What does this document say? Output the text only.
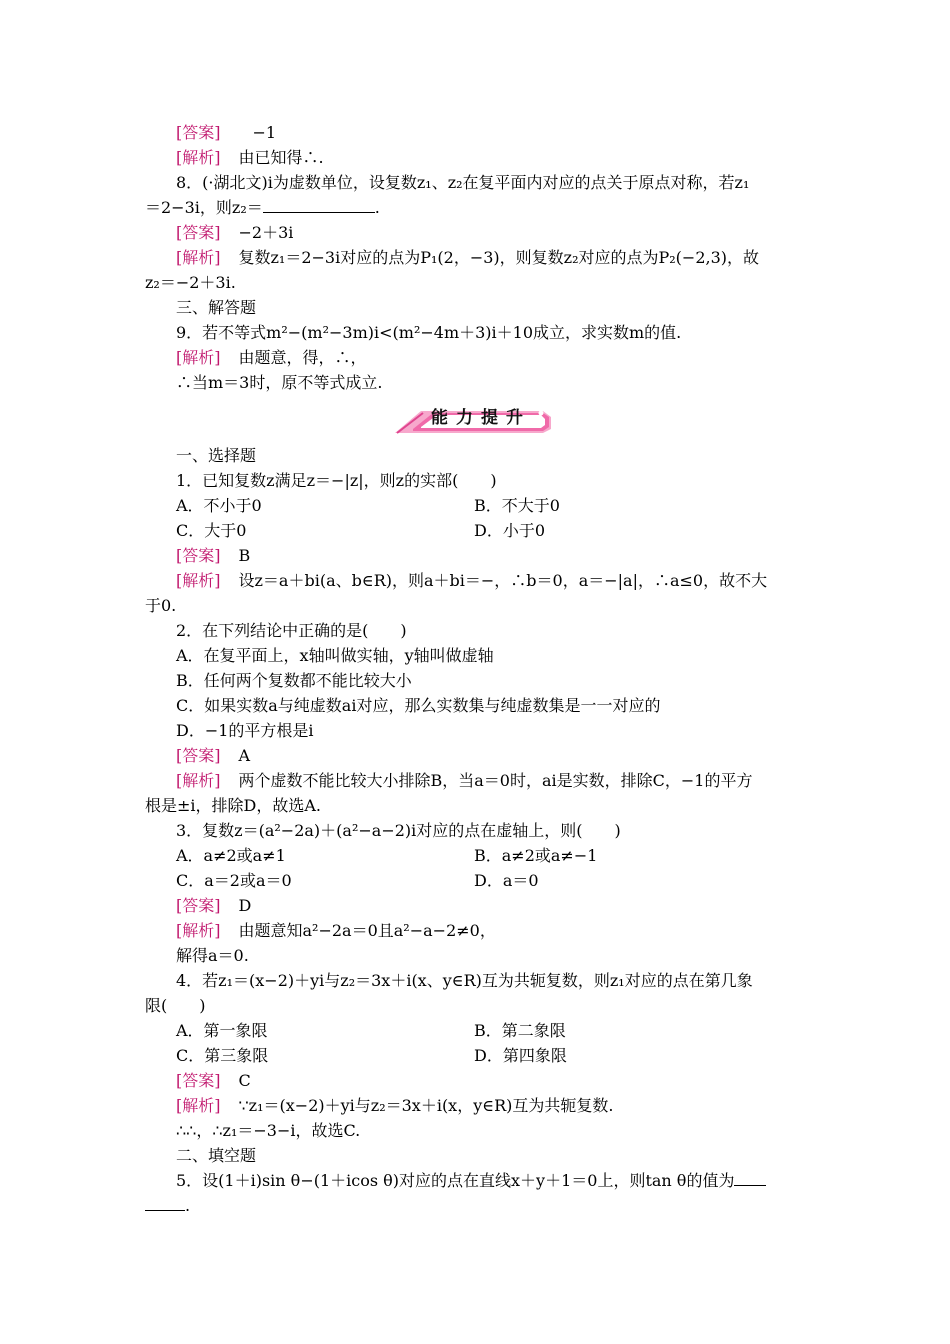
[答案] −1
[解析] 由已知得∴.
8．(·湖北文)i为虚数单位，设复数z₁、z₂在复平面内对应的点关于原点对称，若z₁
＝2−3i，则z₂＝	.
[答案] −2＋3i
[解析] 复数z₁＝2−3i对应的点为P₁(2，−3)，则复数z₂对应的点为P₂(−2,3)，故
z₂＝−2＋3i.
三、解答题
9．若不等式m²−(m²−3m)i<(m²−4m＋3)i＋10成立，求实数m的值.
[解析] 由题意，得，∴，
∴当m＝3时，原不等式成立.
能力提升
一、选择题
1．已知复数z满足z＝−|z|，则z的实部(　　)
A．不小于0	B．不大于0
C．大于0	D．小于0
[答案] B
[解析] 设z＝a＋bi(a、b∈R)，则a＋bi＝−，∴b＝0，a＝−|a|，∴a≤0，故不大
于0.
2．在下列结论中正确的是(　　)
A．在复平面上，x轴叫做实轴，y轴叫做虚轴
B．任何两个复数都不能比较大小
C．如果实数a与纯虚数ai对应，那么实数集与纯虚数集是一一对应的
D．−1的平方根是i
[答案] A
[解析] 两个虚数不能比较大小排除B，当a＝0时，ai是实数，排除C，−1的平方
根是±i，排除D，故选A.
3．复数z＝(a²−2a)＋(a²−a−2)i对应的点在虚轴上，则(　　)
A．a≠2或a≠1	B．a≠2或a≠−1
C．a＝2或a＝0	D．a＝0
[答案] D
[解析] 由题意知a²−2a＝0且a²−a−2≠0，
解得a＝0.
4．若z₁＝(x−2)＋yi与z₂＝3x＋i(x、y∈R)互为共轭复数，则z₁对应的点在第几象
限(　　)
A．第一象限	B．第二象限
C．第三象限	D．第四象限
[答案] C
[解析] ∵z₁＝(x−2)＋yi与z₂＝3x＋i(x，y∈R)互为共轭复数.
∴∴，∴z₁＝−3−i，故选C.
二、填空题
5．设(1＋i)sin θ−(1＋icos θ)对应的点在直线x＋y＋1＝0上，则tan θ的值为
.
